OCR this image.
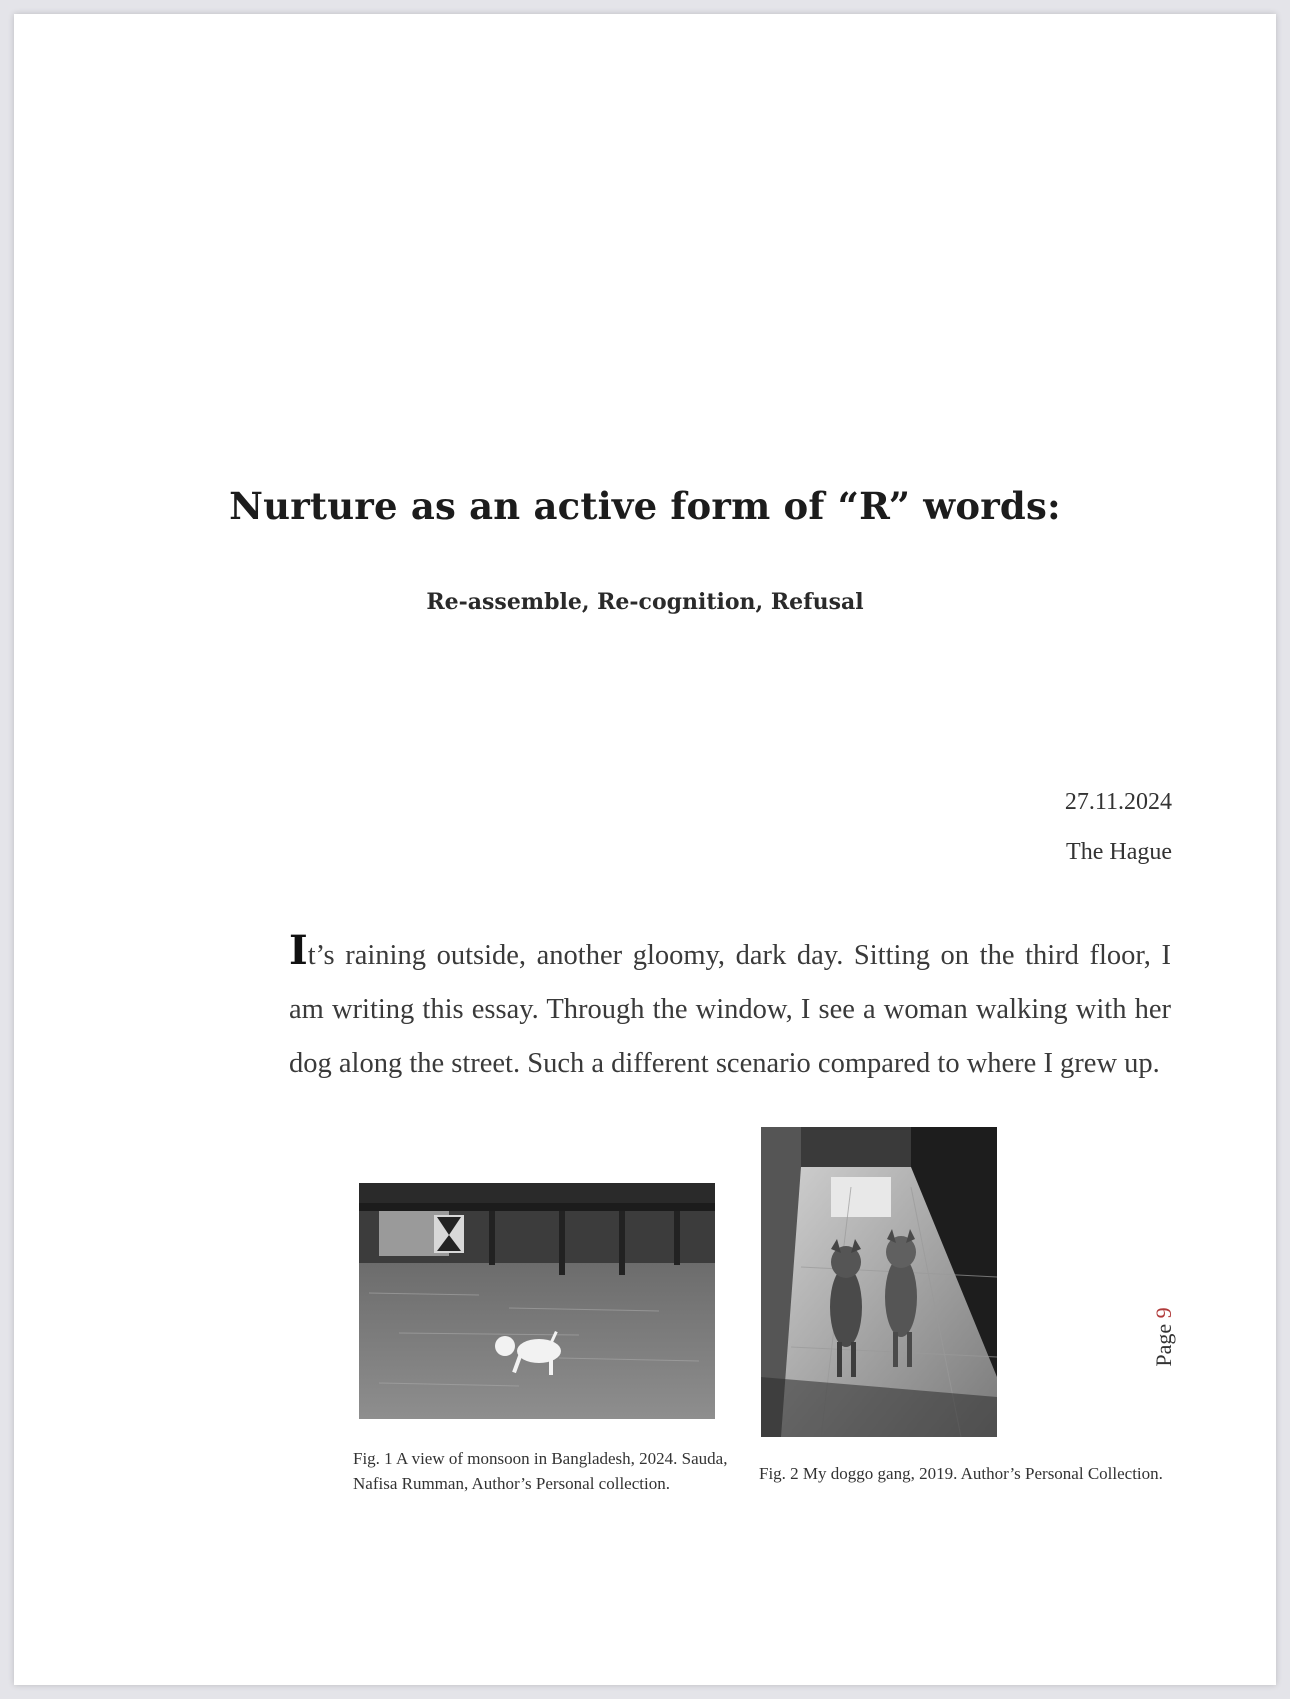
Nurture as an active form of “R” words:
Re-assemble, Re-cognition, Refusal
27.11.2024
The Hague

It’s raining outside, another gloomy, dark day. Sitting on the third floor, I am writing this essay. Through the window, I see a woman walking with her dog along the street. Such a different scenario compared to where I grew up.

Fig. 1 A view of monsoon in Bangladesh, 2024. Sauda, Nafisa Rumman, Author’s Personal collection.
Fig. 2 My doggo gang, 2019. Author’s Personal Collection.
Page 9
